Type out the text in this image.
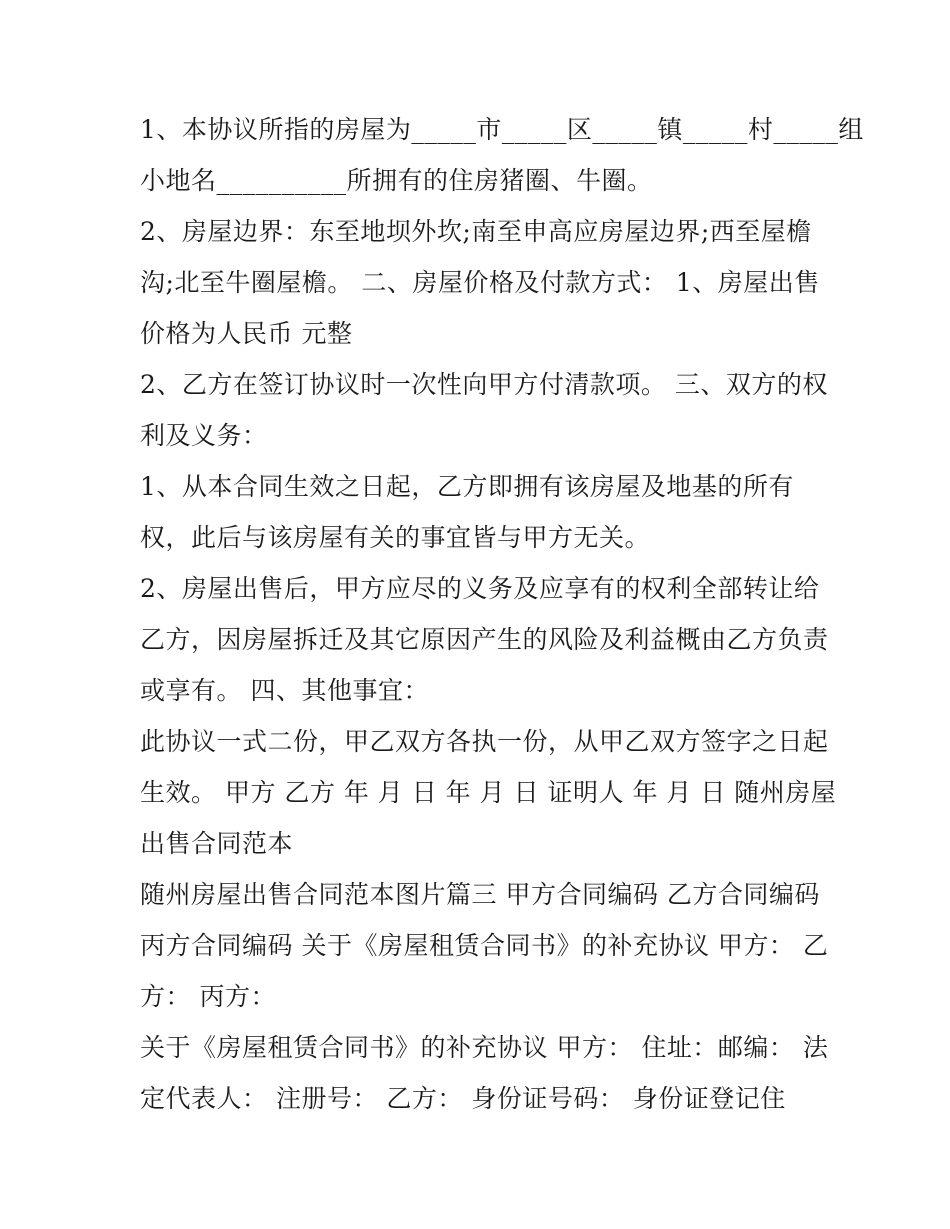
1、本协议所指的房屋为_____市_____区_____镇_____村_____组
小地名__________所拥有的住房猪圈、牛圈。
2、房屋边界：东至地坝外坎;南至申高应房屋边界;西至屋檐
沟;北至牛圈屋檐。 二、房屋价格及付款方式： 1、房屋出售
价格为人民币 元整
2、乙方在签订协议时一次性向甲方付清款项。 三、双方的权
利及义务：
1、从本合同生效之日起，乙方即拥有该房屋及地基的所有
权，此后与该房屋有关的事宜皆与甲方无关。
2、房屋出售后，甲方应尽的义务及应享有的权利全部转让给
乙方，因房屋拆迁及其它原因产生的风险及利益概由乙方负责
或享有。 四、其他事宜：
此协议一式二份，甲乙双方各执一份，从甲乙双方签字之日起
生效。 甲方 乙方 年 月 日 年 月 日 证明人 年 月 日 随州房屋
出售合同范本
随州房屋出售合同范本图片篇三 甲方合同编码 乙方合同编码
丙方合同编码 关于《房屋租赁合同书》的补充协议 甲方： 乙
方： 丙方：
关于《房屋租赁合同书》的补充协议 甲方： 住址：邮编： 法
定代表人： 注册号： 乙方： 身份证号码： 身份证登记住
